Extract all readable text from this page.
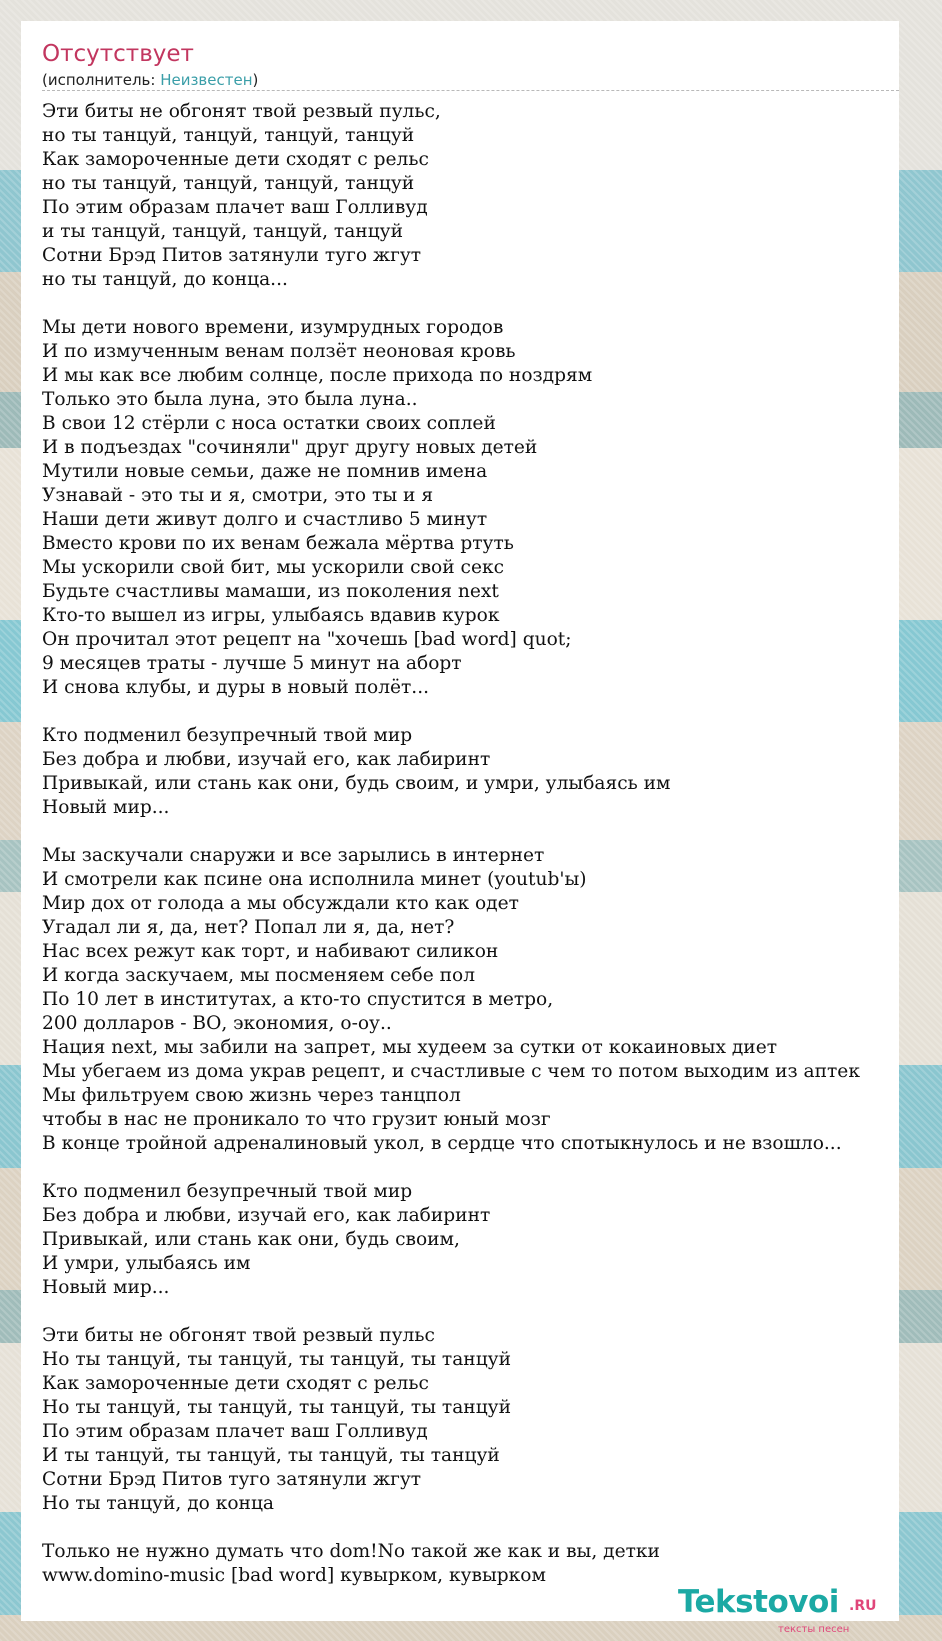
Отсутствует
(исполнитель: Неизвестен)
Эти биты не обгонят твой резвый пульс,
но ты танцуй, танцуй, танцуй, танцуй
Как замороченные дети сходят с рельс
но ты танцуй, танцуй, танцуй, танцуй
По этим образам плачет ваш Голливуд
и ты танцуй, танцуй, танцуй, танцуй
Сотни Брэд Питов затянули туго жгут
но ты танцуй, до конца...
Мы дети нового времени, изумрудных городов
И по измученным венам ползёт неоновая кровь
И мы как все любим солнце, после прихода по ноздрям
Только это была луна, это была луна..
В свои 12 стёрли с носа остатки своих соплей
И в подъездах "сочиняли" друг другу новых детей
Мутили новые семьи, даже не помнив имена
Узнавай - это ты и я, смотри, это ты и я
Наши дети живут долго и счастливо 5 минут
Вместо крови по их венам бежала мёртва ртуть
Мы ускорили свой бит, мы ускорили свой секс
Будьте счастливы мамаши, из поколения next
Кто-то вышел из игры, улыбаясь вдавив курок
Он прочитал этот рецепт на "хочешь [bad word] quot;
9 месяцев траты - лучше 5 минут на аборт
И снова клубы, и дуры в новый полёт...
Кто подменил безупречный твой мир
Без добра и любви, изучай его, как лабиринт
Привыкай, или стань как они, будь своим, и умри, улыбаясь им
Новый мир...
Мы заскучали снаружи и все зарылись в интернет
И смотрели как псине она исполнила минет (youtub'ы)
Мир дох от голода а мы обсуждали кто как одет
Угадал ли я, да, нет? Попал ли я, да, нет?
Нас всех режут как торт, и набивают силикон
И когда заскучаем, мы посменяем себе пол
По 10 лет в институтах, а кто-то спустится в метро,
200 долларов - ВО, экономия, о-оу..
Нация next, мы забили на запрет, мы худеем за сутки от кокаиновых диет
Мы убегаем из дома украв рецепт, и счастливые с чем то потом выходим из аптек
Мы фильтруем свою жизнь через танцпол
чтобы в нас не проникало то что грузит юный мозг
В конце тройной адреналиновый укол, в сердце что спотыкнулось и не взошло...
Кто подменил безупречный твой мир
Без добра и любви, изучай его, как лабиринт
Привыкай, или стань как они, будь своим,
И умри, улыбаясь им
Новый мир...
Эти биты не обгонят твой резвый пульс
Но ты танцуй, ты танцуй, ты танцуй, ты танцуй
Как замороченные дети сходят с рельс
Но ты танцуй, ты танцуй, ты танцуй, ты танцуй
По этим образам плачет ваш Голливуд
И ты танцуй, ты танцуй, ты танцуй, ты танцуй
Сотни Брэд Питов туго затянули жгут
Но ты танцуй, до конца
Только не нужно думать что dom!No такой же как и вы, детки
www.domino-music [bad word] кувырком, кувырком
Tekstovoi .RU
тексты песен
